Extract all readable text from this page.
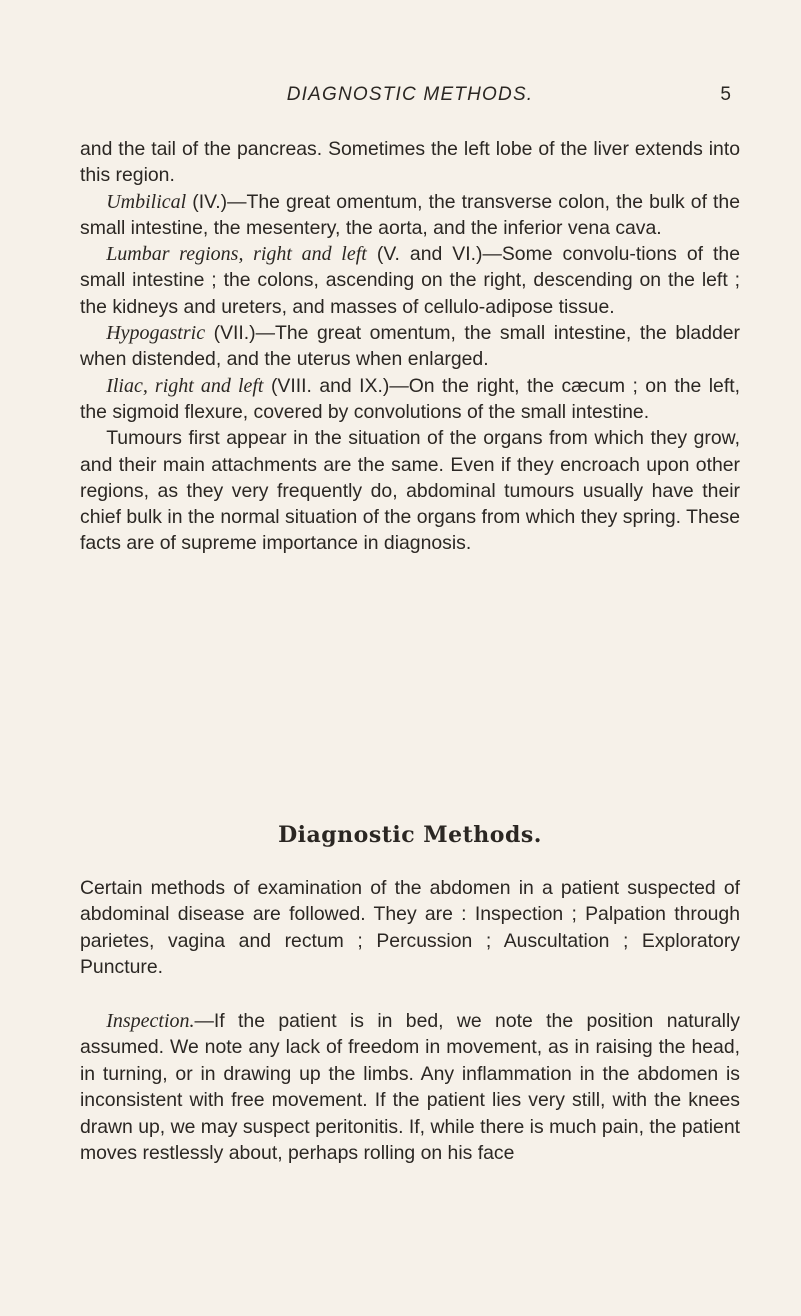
DIAGNOSTIC METHODS.	5

and the tail of the pancreas. Sometimes the left lobe of the liver extends into this region.

Umbilical (IV.)—The great omentum, the transverse colon, the bulk of the small intestine, the mesentery, the aorta, and the inferior vena cava.

Lumbar regions, right and left (V. and VI.)—Some convolu-tions of the small intestine ; the colons, ascending on the right, descending on the left ; the kidneys and ureters, and masses of cellulo-adipose tissue.

Hypogastric (VII.)—The great omentum, the small intestine, the bladder when distended, and the uterus when enlarged.

Iliac, right and left (VIII. and IX.)—On the right, the cæcum ; on the left, the sigmoid flexure, covered by convolutions of the small intestine.

Tumours first appear in the situation of the organs from which they grow, and their main attachments are the same. Even if they encroach upon other regions, as they very frequently do, abdominal tumours usually have their chief bulk in the normal situation of the organs from which they spring. These facts are of supreme importance in diagnosis.

Diagnostic Methods.

Certain methods of examination of the abdomen in a patient suspected of abdominal disease are followed. They are : Inspection ; Palpation through parietes, vagina and rectum ; Percussion ; Auscultation ; Exploratory Puncture.

Inspection.—If the patient is in bed, we note the position naturally assumed. We note any lack of freedom in movement, as in raising the head, in turning, or in drawing up the limbs. Any inflammation in the abdomen is inconsistent with free movement. If the patient lies very still, with the knees drawn up, we may suspect peritonitis. If, while there is much pain, the patient moves restlessly about, perhaps rolling on his face
